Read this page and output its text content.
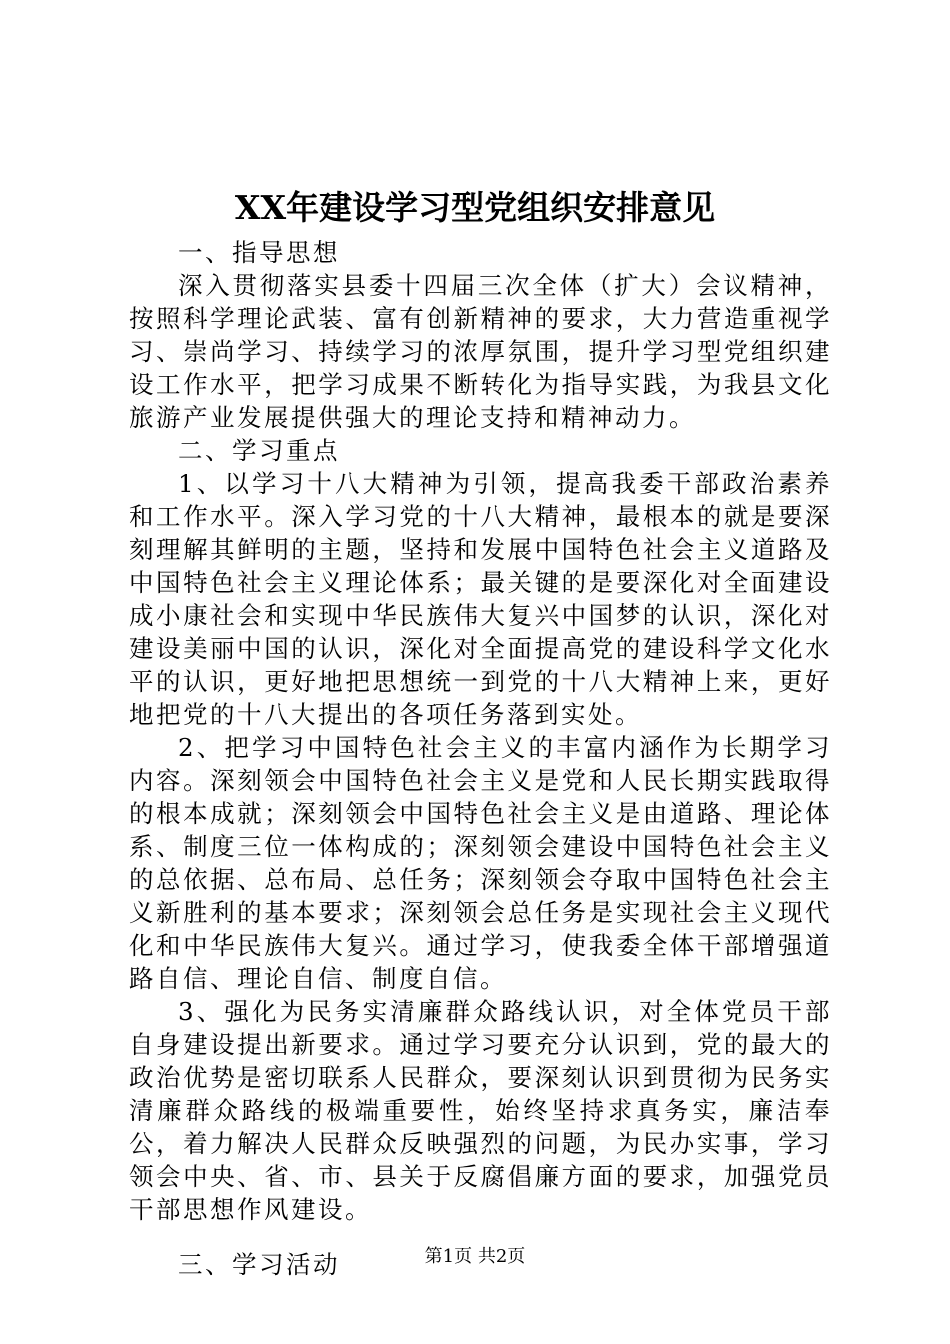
XX年建设学习型党组织安排意见

一、指导思想

深入贯彻落实县委十四届三次全体（扩大）会议精神，按照科学理论武装、富有创新精神的要求，大力营造重视学习、崇尚学习、持续学习的浓厚氛围，提升学习型党组织建设工作水平，把学习成果不断转化为指导实践，为我县文化旅游产业发展提供强大的理论支持和精神动力。

二、学习重点

1、以学习十八大精神为引领，提高我委干部政治素养和工作水平。深入学习党的十八大精神，最根本的就是要深刻理解其鲜明的主题，坚持和发展中国特色社会主义道路及中国特色社会主义理论体系；最关键的是要深化对全面建设成小康社会和实现中华民族伟大复兴中国梦的认识，深化对建设美丽中国的认识，深化对全面提高党的建设科学文化水平的认识，更好地把思想统一到党的十八大精神上来，更好地把党的十八大提出的各项任务落到实处。

2、把学习中国特色社会主义的丰富内涵作为长期学习内容。深刻领会中国特色社会主义是党和人民长期实践取得的根本成就；深刻领会中国特色社会主义是由道路、理论体系、制度三位一体构成的；深刻领会建设中国特色社会主义的总依据、总布局、总任务；深刻领会夺取中国特色社会主义新胜利的基本要求；深刻领会总任务是实现社会主义现代化和中华民族伟大复兴。通过学习，使我委全体干部增强道路自信、理论自信、制度自信。

3、强化为民务实清廉群众路线认识，对全体党员干部自身建设提出新要求。通过学习要充分认识到，党的最大的政治优势是密切联系人民群众，要深刻认识到贯彻为民务实清廉群众路线的极端重要性，始终坚持求真务实，廉洁奉公，着力解决人民群众反映强烈的问题，为民办实事，学习领会中央、省、市、县关于反腐倡廉方面的要求，加强党员干部思想作风建设。

三、学习活动	第1页 共2页
